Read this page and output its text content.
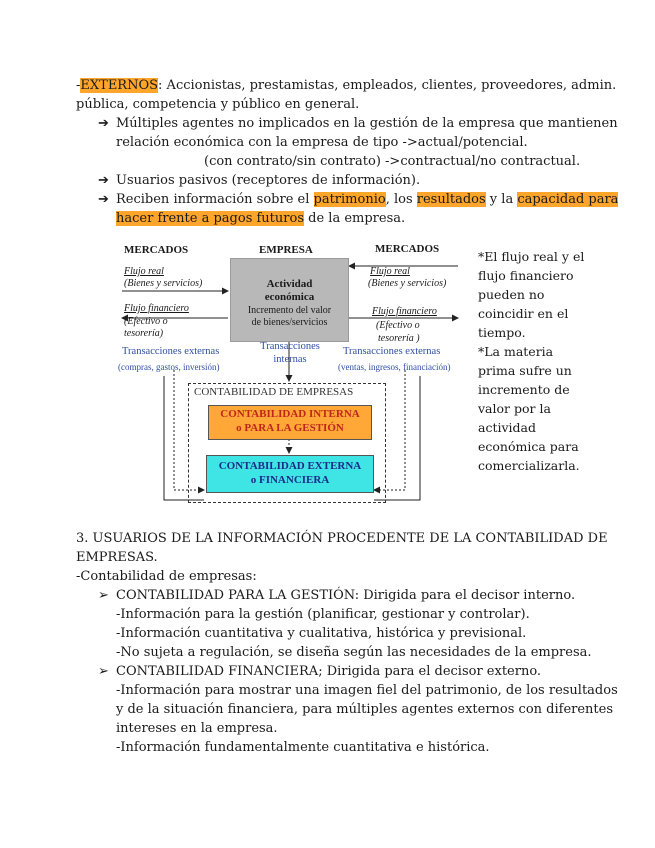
-EXTERNOS: Accionistas, prestamistas, empleados, clientes, proveedores, admin.
pública, competencia y público en general.
➔ Múltiples agentes no implicados en la gestión de la empresa que mantienen
relación económica con la empresa de tipo ->actual/potencial.
(con contrato/sin contrato) ->contractual/no contractual.
➔ Usuarios pasivos (receptores de información).
➔ Reciben información sobre el patrimonio, los resultados y la capacidad para
hacer frente a pagos futuros de la empresa.
MERCADOS	EMPRESA	MERCADOS
Flujo real
(Bienes y servicios)
Flujo financiero
(Efectivo o
tesorería)
Flujo real
(Bienes y servicios)
Flujo financiero
(Efectivo o
tesorería )
Actividad
económica
Incremento del valor
de bienes/servicios
Transacciones externas
(compras, gastos, inversión)
Transacciones
internas
Transacciones externas
(ventas, ingresos, financiación)
CONTABILIDAD DE EMPRESAS
CONTABILIDAD INTERNA
o PARA LA GESTIÓN
CONTABILIDAD EXTERNA
o FINANCIERA
*El flujo real y el
flujo financiero
pueden no
coincidir en el
tiempo.
*La materia
prima sufre un
incremento de
valor por la
actividad
económica para
comercializarla.
3. USUARIOS DE LA INFORMACIÓN PROCEDENTE DE LA CONTABILIDAD DE
EMPRESAS.
-Contabilidad de empresas:
➢ CONTABILIDAD PARA LA GESTIÓN: Dirigida para el decisor interno.
-Información para la gestión (planificar, gestionar y controlar).
-Información cuantitativa y cualitativa, histórica y previsional.
-No sujeta a regulación, se diseña según las necesidades de la empresa.
➢ CONTABILIDAD FINANCIERA; Dirigida para el decisor externo.
-Información para mostrar una imagen fiel del patrimonio, de los resultados
y de la situación financiera, para múltiples agentes externos con diferentes
intereses en la empresa.
-Información fundamentalmente cuantitativa e histórica.
